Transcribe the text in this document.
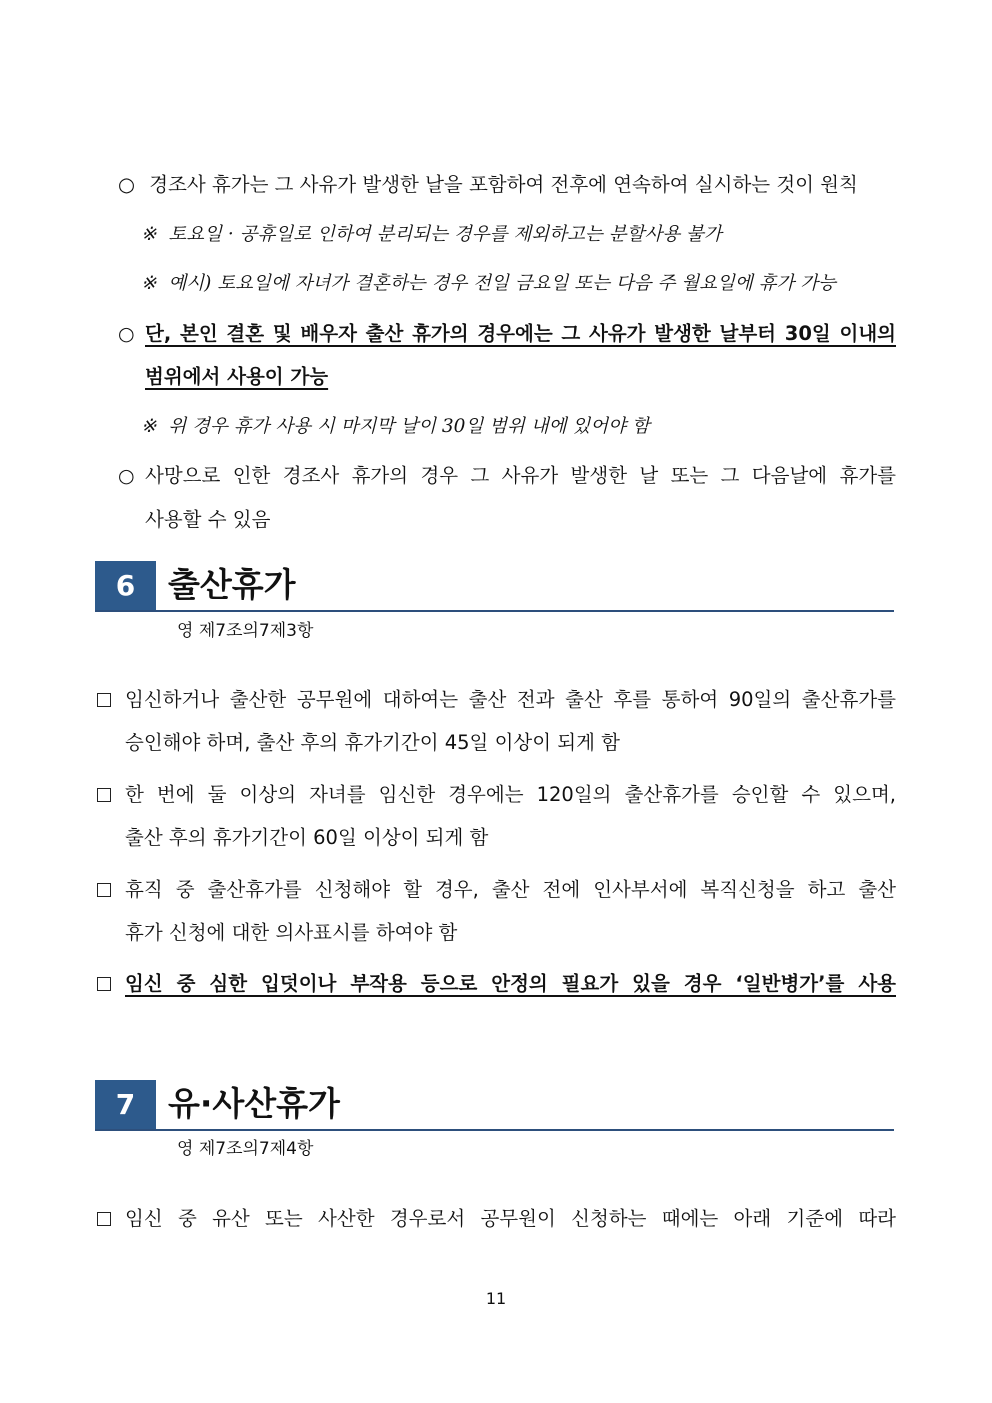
○ 경조사 휴가는 그 사유가 발생한 날을 포함하여 전후에 연속하여 실시하는 것이 원칙
※ 토요일 · 공휴일로 인하여 분리되는 경우를 제외하고는 분할사용 불가
※ 예시) 토요일에 자녀가 결혼하는 경우 전일 금요일 또는 다음 주 월요일에 휴가 가능
○ 단, 본인 결혼 및 배우자 출산 휴가의 경우에는 그 사유가 발생한 날부터 30일 이내의
범위에서 사용이 가능
※ 위 경우 휴가 사용 시 마지막 날이 30일 범위 내에 있어야 함
○ 사망으로 인한 경조사 휴가의 경우 그 사유가 발생한 날 또는 그 다음날에 휴가를
사용할 수 있음
6 출산휴가
영 제7조의7제3항
임신하거나 출산한 공무원에 대하여는 출산 전과 출산 후를 통하여 90일의 출산휴가를
승인해야 하며, 출산 후의 휴가기간이 45일 이상이 되게 함
한 번에 둘 이상의 자녀를 임신한 경우에는 120일의 출산휴가를 승인할 수 있으며,
출산 후의 휴가기간이 60일 이상이 되게 함
휴직 중 출산휴가를 신청해야 할 경우, 출산 전에 인사부서에 복직신청을 하고 출산
휴가 신청에 대한 의사표시를 하여야 함
임신 중 심한 입덧이나 부작용 등으로 안정의 필요가 있을 경우 ‘일반병가’를 사용
7 유·사산휴가
영 제7조의7제4항
임신 중 유산 또는 사산한 경우로서 공무원이 신청하는 때에는 아래 기준에 따라
11
